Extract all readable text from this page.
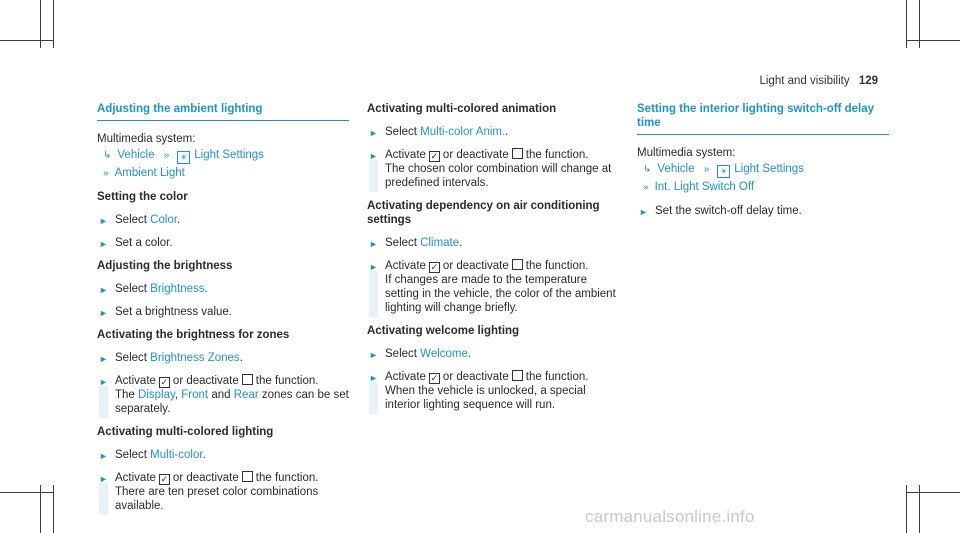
Light and visibility 129
Adjusting the ambient lighting
Multimedia system:
↳ Vehicle » ☀ Light Settings
» Ambient Light
Setting the color
► Select Color.
► Set a color.
Adjusting the brightness
► Select Brightness.
► Set a brightness value.
Activating the brightness for zones
► Select Brightness Zones.
► Activate ✓ or deactivate the function.
The Display, Front and Rear zones can be set separately.
Activating multi-colored lighting
► Select Multi-color.
► Activate ✓ or deactivate the function.
There are ten preset color combinations available.
Activating multi-colored animation
► Select Multi-color Anim..
► Activate ✓ or deactivate the function.
The chosen color combination will change at predefined intervals.
Activating dependency on air conditioning settings
► Select Climate.
► Activate ✓ or deactivate the function.
If changes are made to the temperature setting in the vehicle, the color of the ambient lighting will change briefly.
Activating welcome lighting
► Select Welcome.
► Activate ✓ or deactivate the function.
When the vehicle is unlocked, a special interior lighting sequence will run.
Setting the interior lighting switch-off delay time
Multimedia system:
↳ Vehicle » ☀ Light Settings
» Int. Light Switch Off
► Set the switch-off delay time.
carmanualsonline.info
